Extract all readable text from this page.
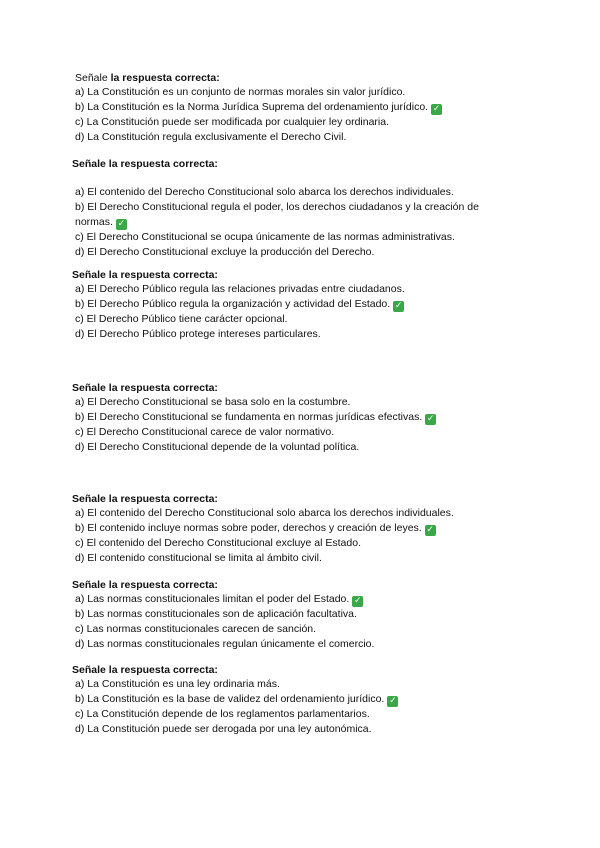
Señale la respuesta correcta:
a) La Constitución es un conjunto de normas morales sin valor jurídico.
b) La Constitución es la Norma Jurídica Suprema del ordenamiento jurídico. ✓
c) La Constitución puede ser modificada por cualquier ley ordinaria.
d) La Constitución regula exclusivamente el Derecho Civil.
Señale la respuesta correcta:
a) El contenido del Derecho Constitucional solo abarca los derechos individuales.
b) El Derecho Constitucional regula el poder, los derechos ciudadanos y la creación de normas. ✓
c) El Derecho Constitucional se ocupa únicamente de las normas administrativas.
d) El Derecho Constitucional excluye la producción del Derecho.
Señale la respuesta correcta:
a) El Derecho Público regula las relaciones privadas entre ciudadanos.
b) El Derecho Público regula la organización y actividad del Estado. ✓
c) El Derecho Público tiene carácter opcional.
d) El Derecho Público protege intereses particulares.
Señale la respuesta correcta:
a) El Derecho Constitucional se basa solo en la costumbre.
b) El Derecho Constitucional se fundamenta en normas jurídicas efectivas. ✓
c) El Derecho Constitucional carece de valor normativo.
d) El Derecho Constitucional depende de la voluntad política.
Señale la respuesta correcta:
a) El contenido del Derecho Constitucional solo abarca los derechos individuales.
b) El contenido incluye normas sobre poder, derechos y creación de leyes. ✓
c) El contenido del Derecho Constitucional excluye al Estado.
d) El contenido constitucional se limita al ámbito civil.
Señale la respuesta correcta:
a) Las normas constitucionales limitan el poder del Estado. ✓
b) Las normas constitucionales son de aplicación facultativa.
c) Las normas constitucionales carecen de sanción.
d) Las normas constitucionales regulan únicamente el comercio.
Señale la respuesta correcta:
a) La Constitución es una ley ordinaria más.
b) La Constitución es la base de validez del ordenamiento jurídico. ✓
c) La Constitución depende de los reglamentos parlamentarios.
d) La Constitución puede ser derogada por una ley autonómica.
